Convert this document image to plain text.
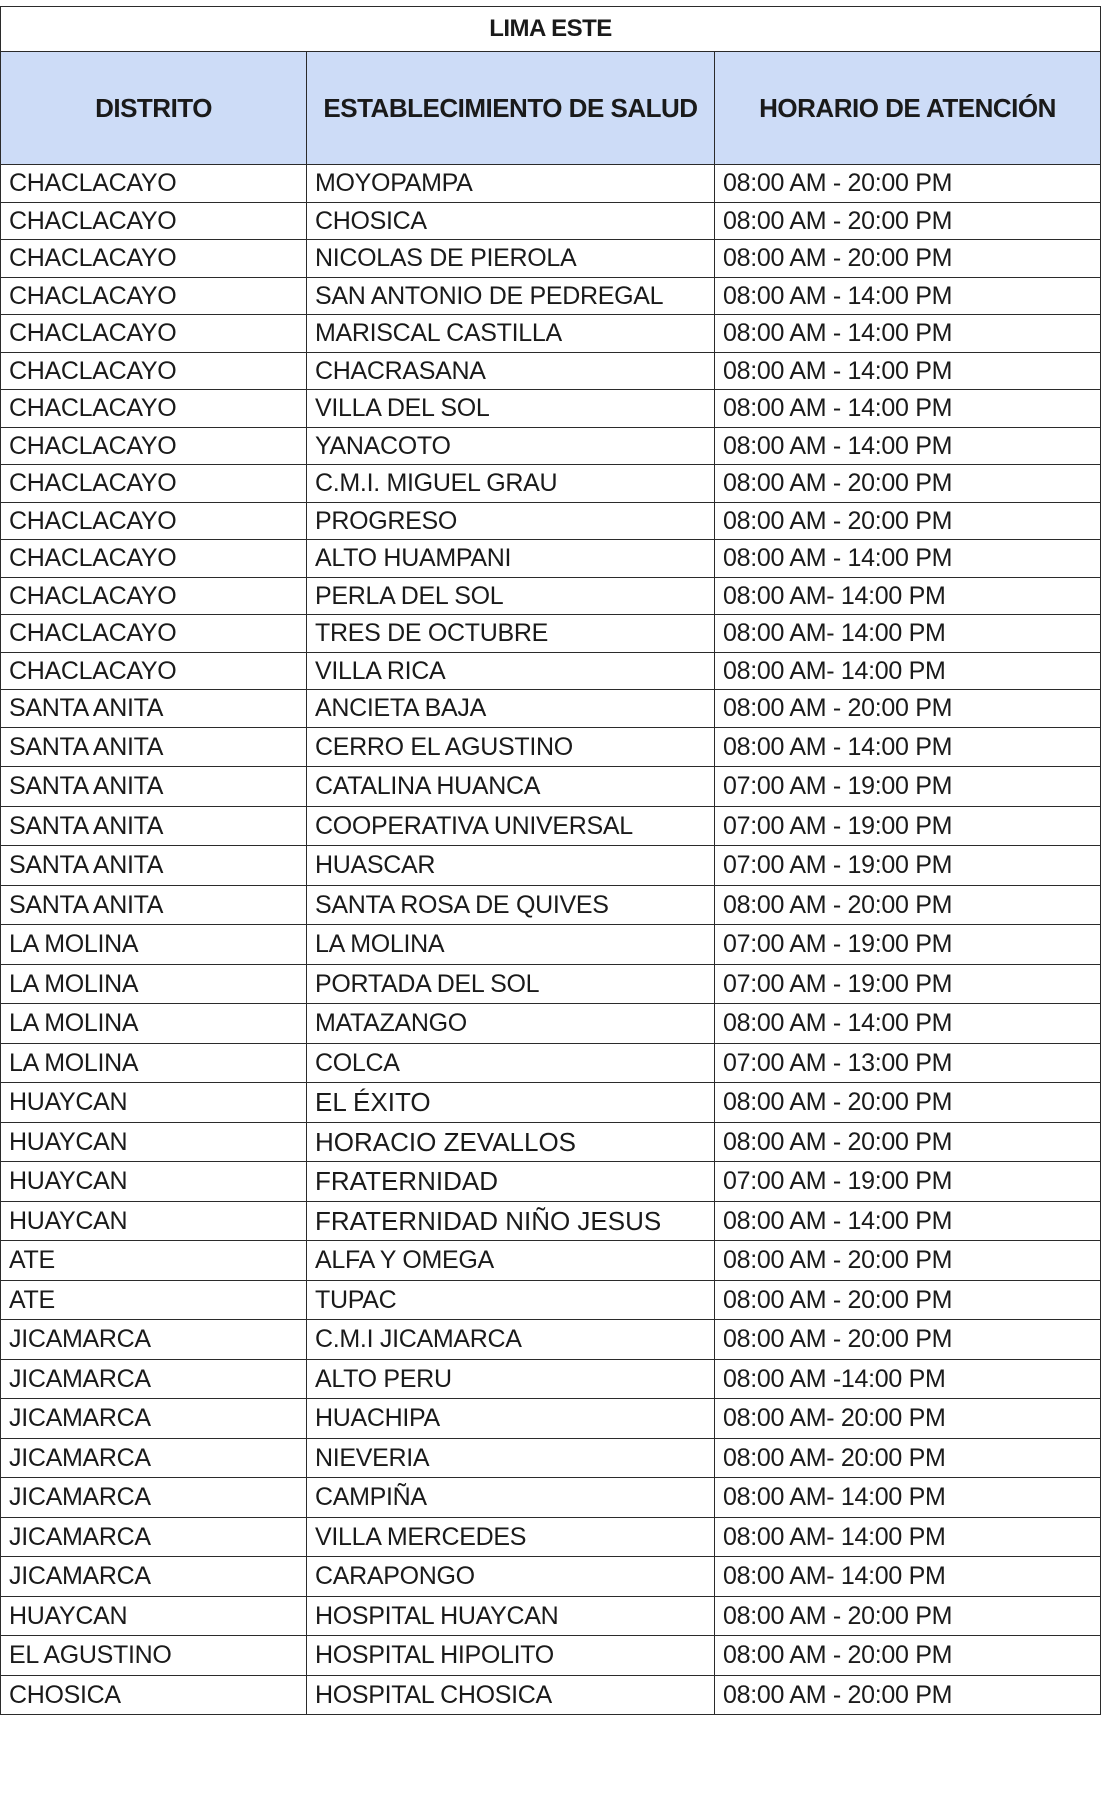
LIMA ESTE		
DISTRITO	ESTABLECIMIENTO DE SALUD	HORARIO DE ATENCIÓN
CHACLACAYO	MOYOPAMPA	08:00 AM - 20:00 PM
CHACLACAYO	CHOSICA	08:00 AM - 20:00 PM
CHACLACAYO	NICOLAS DE PIEROLA	08:00 AM - 20:00 PM
CHACLACAYO	SAN ANTONIO DE PEDREGAL	08:00 AM - 14:00 PM
CHACLACAYO	MARISCAL CASTILLA	08:00 AM - 14:00 PM
CHACLACAYO	CHACRASANA	08:00 AM - 14:00 PM
CHACLACAYO	VILLA DEL SOL	08:00 AM - 14:00 PM
CHACLACAYO	YANACOTO	08:00 AM - 14:00 PM
CHACLACAYO	C.M.I. MIGUEL GRAU	08:00 AM - 20:00 PM
CHACLACAYO	PROGRESO	08:00 AM - 20:00 PM
CHACLACAYO	ALTO HUAMPANI	08:00 AM - 14:00 PM
CHACLACAYO	PERLA DEL SOL	08:00 AM- 14:00 PM
CHACLACAYO	TRES DE OCTUBRE	08:00 AM- 14:00 PM
CHACLACAYO	VILLA RICA	08:00 AM- 14:00 PM
SANTA ANITA	ANCIETA BAJA	08:00 AM - 20:00 PM
SANTA ANITA	CERRO EL AGUSTINO	08:00 AM - 14:00 PM
SANTA ANITA	CATALINA HUANCA	07:00 AM - 19:00 PM
SANTA ANITA	COOPERATIVA UNIVERSAL	07:00 AM - 19:00 PM
SANTA ANITA	HUASCAR	07:00 AM - 19:00 PM
SANTA ANITA	SANTA ROSA DE QUIVES	08:00 AM - 20:00 PM
LA MOLINA	LA MOLINA	07:00 AM - 19:00 PM
LA MOLINA	PORTADA DEL SOL	07:00 AM - 19:00 PM
LA MOLINA	MATAZANGO	08:00 AM - 14:00 PM
LA MOLINA	COLCA	07:00 AM - 13:00 PM
HUAYCAN	EL ÉXITO	08:00 AM - 20:00 PM
HUAYCAN	HORACIO ZEVALLOS	08:00 AM - 20:00 PM
HUAYCAN	FRATERNIDAD	07:00 AM - 19:00 PM
HUAYCAN	FRATERNIDAD NIÑO JESUS	08:00 AM - 14:00 PM
ATE	ALFA Y OMEGA	08:00 AM - 20:00 PM
ATE	TUPAC	08:00 AM - 20:00 PM
JICAMARCA	C.M.I JICAMARCA	08:00 AM - 20:00 PM
JICAMARCA	ALTO PERU	08:00 AM -14:00 PM
JICAMARCA	HUACHIPA	08:00 AM- 20:00 PM
JICAMARCA	NIEVERIA	08:00 AM- 20:00 PM
JICAMARCA	CAMPIÑA	08:00 AM- 14:00 PM
JICAMARCA	VILLA MERCEDES	08:00 AM- 14:00 PM
JICAMARCA	CARAPONGO	08:00 AM- 14:00 PM
HUAYCAN	HOSPITAL HUAYCAN	08:00 AM - 20:00 PM
EL AGUSTINO	HOSPITAL HIPOLITO	08:00 AM - 20:00 PM
CHOSICA	HOSPITAL CHOSICA	08:00 AM - 20:00 PM
